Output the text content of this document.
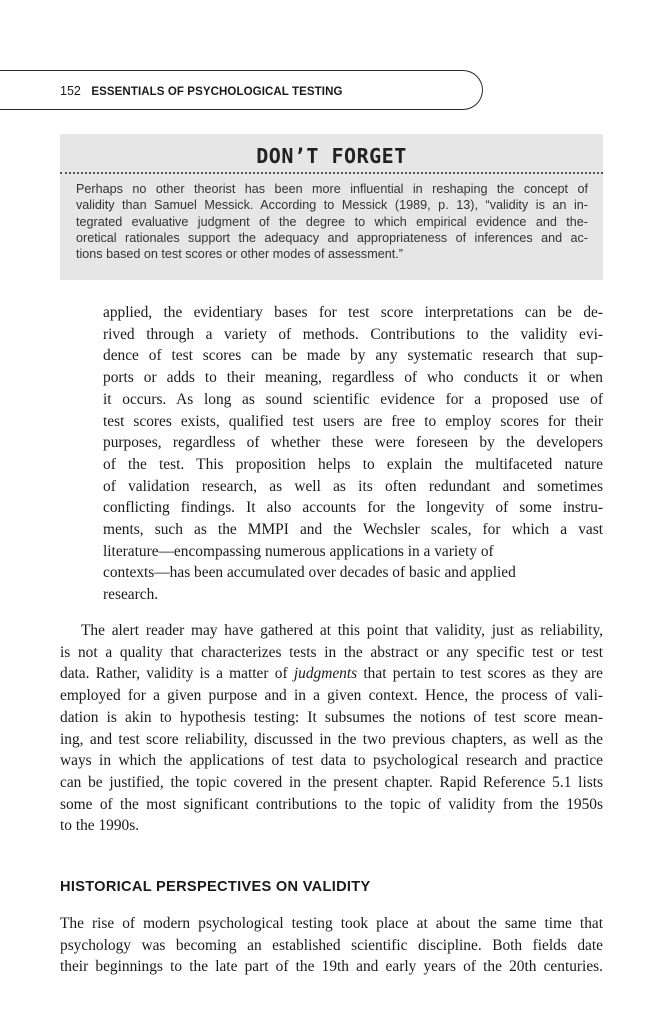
152 ESSENTIALS OF PSYCHOLOGICAL TESTING
DON’T FORGET
Perhaps no other theorist has been more influential in reshaping the concept of
validity than Samuel Messick. According to Messick (1989, p. 13), “validity is an in-
tegrated evaluative judgment of the degree to which empirical evidence and the-
oretical rationales support the adequacy and appropriateness of inferences and ac-
tions based on test scores or other modes of assessment.”
applied, the evidentiary bases for test score interpretations can be de-
rived through a variety of methods. Contributions to the validity evi-
dence of test scores can be made by any systematic research that sup-
ports or adds to their meaning, regardless of who conducts it or when
it occurs. As long as sound scientific evidence for a proposed use of
test scores exists, qualified test users are free to employ scores for their
purposes, regardless of whether these were foreseen by the developers
of the test. This proposition helps to explain the multifaceted nature
of validation research, as well as its often redundant and sometimes
conflicting findings. It also accounts for the longevity of some instru-
ments, such as the MMPI and the Wechsler scales, for which a vast
literature—encompassing numerous applications in a variety of
contexts—has been accumulated over decades of basic and applied
research.
The alert reader may have gathered at this point that validity, just as reliability,
is not a quality that characterizes tests in the abstract or any specific test or test
data. Rather, validity is a matter of judgments that pertain to test scores as they are
employed for a given purpose and in a given context. Hence, the process of vali-
dation is akin to hypothesis testing: It subsumes the notions of test score mean-
ing, and test score reliability, discussed in the two previous chapters, as well as the
ways in which the applications of test data to psychological research and practice
can be justified, the topic covered in the present chapter. Rapid Reference 5.1 lists
some of the most significant contributions to the topic of validity from the 1950s
to the 1990s.
HISTORICAL PERSPECTIVES ON VALIDITY
The rise of modern psychological testing took place at about the same time that
psychology was becoming an established scientific discipline. Both fields date
their beginnings to the late part of the 19th and early years of the 20th centuries.
